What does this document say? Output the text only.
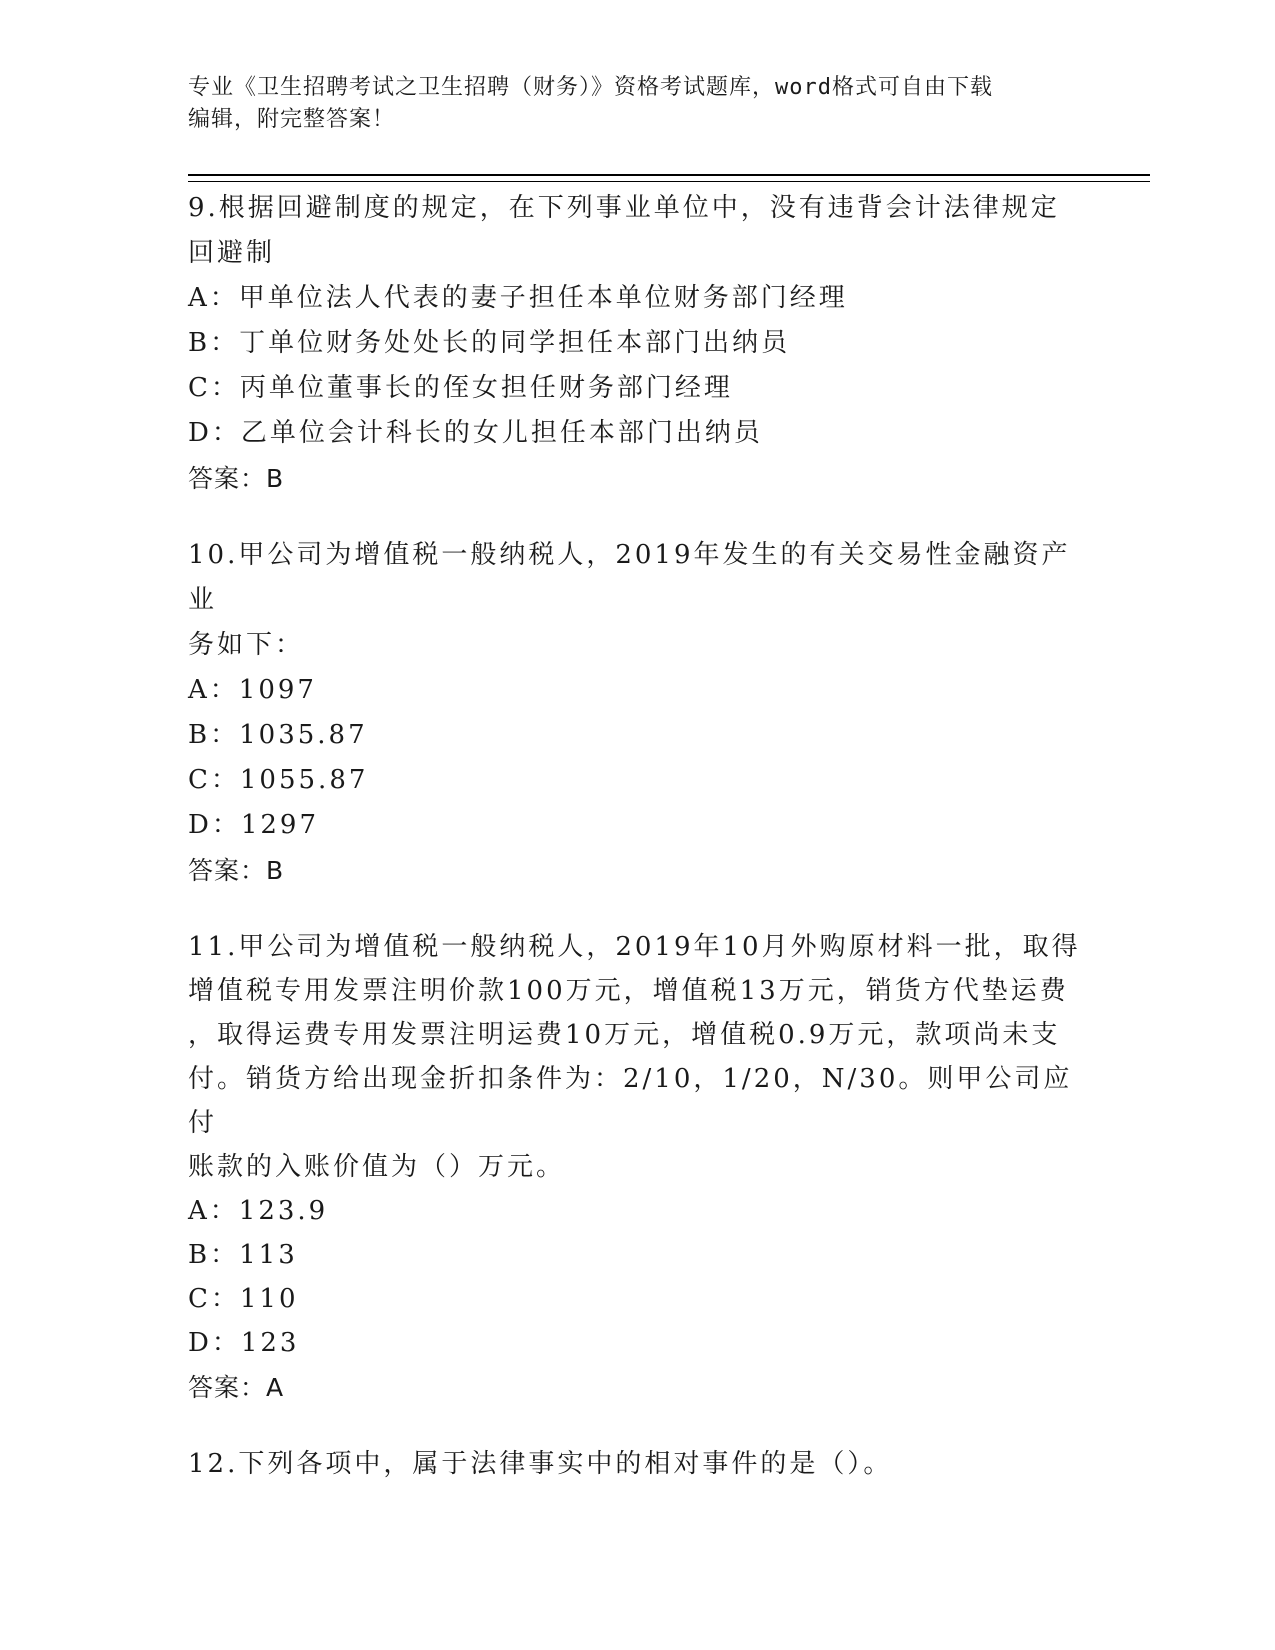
专业《卫生招聘考试之卫生招聘（财务）》资格考试题库，word格式可自由下载
编辑，附完整答案！

9.根据回避制度的规定，在下列事业单位中，没有违背会计法律规定

回避制

A：甲单位法人代表的妻子担任本单位财务部门经理

B：丁单位财务处处长的同学担任本部门出纳员

C：丙单位董事长的侄女担任财务部门经理

D：乙单位会计科长的女儿担任本部门出纳员

答案：B

10.甲公司为增值税一般纳税人，2019年发生的有关交易性金融资产业

务如下：

A：1097

B：1035.87

C：1055.87

D：1297

答案：B

11.甲公司为增值税一般纳税人，2019年10月外购原材料一批，取得

增值税专用发票注明价款100万元，增值税13万元，销货方代垫运费

，取得运费专用发票注明运费10万元，增值税0.9万元，款项尚未支

付。销货方给出现金折扣条件为：2/10，1/20，N/30。则甲公司应付

账款的入账价值为（）万元。

A：123.9

B：113

C：110

D：123

答案：A

12.下列各项中，属于法律事实中的相对事件的是（）。
